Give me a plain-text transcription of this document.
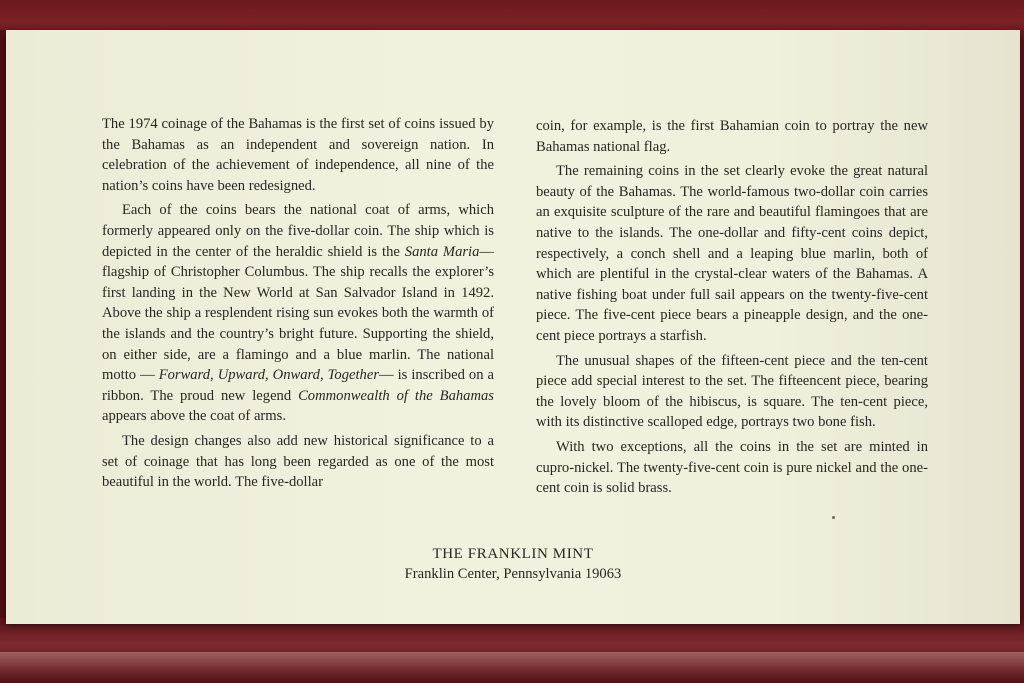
The 1974 coinage of the Bahamas is the first set of coins issued by the Bahamas as an independent and sovereign nation. In celebration of the achievement of independence, all nine of the nation’s coins have been redesigned.

Each of the coins bears the national coat of arms, which formerly appeared only on the five-dollar coin. The ship which is depicted in the center of the heraldic shield is the Santa Maria— flagship of Christopher Columbus. The ship recalls the explorer’s first landing in the New World at San Salvador Island in 1492. Above the ship a resplendent rising sun evokes both the warmth of the islands and the country’s bright future. Supporting the shield, on either side, are a flamingo and a blue marlin. The national motto — Forward, Upward, Onward, Together— is inscribed on a ribbon. The proud new legend Commonwealth of the Bahamas appears above the coat of arms.

The design changes also add new historical significance to a set of coinage that has long been regarded as one of the most beautiful in the world. The five-dollar

coin, for example, is the first Bahamian coin to portray the new Bahamas national flag.

The remaining coins in the set clearly evoke the great natural beauty of the Bahamas. The world-famous two-dollar coin carries an exquisite sculpture of the rare and beautiful flamingoes that are native to the islands. The one-dollar and fifty-cent coins depict, respectively, a conch shell and a leaping blue marlin, both of which are plentiful in the crystal-clear waters of the Bahamas. A native fishing boat under full sail appears on the twenty-five-cent piece. The five-cent piece bears a pineapple design, and the one-cent piece portrays a starfish.

The unusual shapes of the fifteen-cent piece and the ten-cent piece add special interest to the set. The fifteencent piece, bearing the lovely bloom of the hibiscus, is square. The ten-cent piece, with its distinctive scalloped edge, portrays two bone fish.

With two exceptions, all the coins in the set are minted in cupro-nickel. The twenty-five-cent coin is pure nickel and the one-cent coin is solid brass.

THE FRANKLIN MINT
Franklin Center, Pennsylvania 19063
